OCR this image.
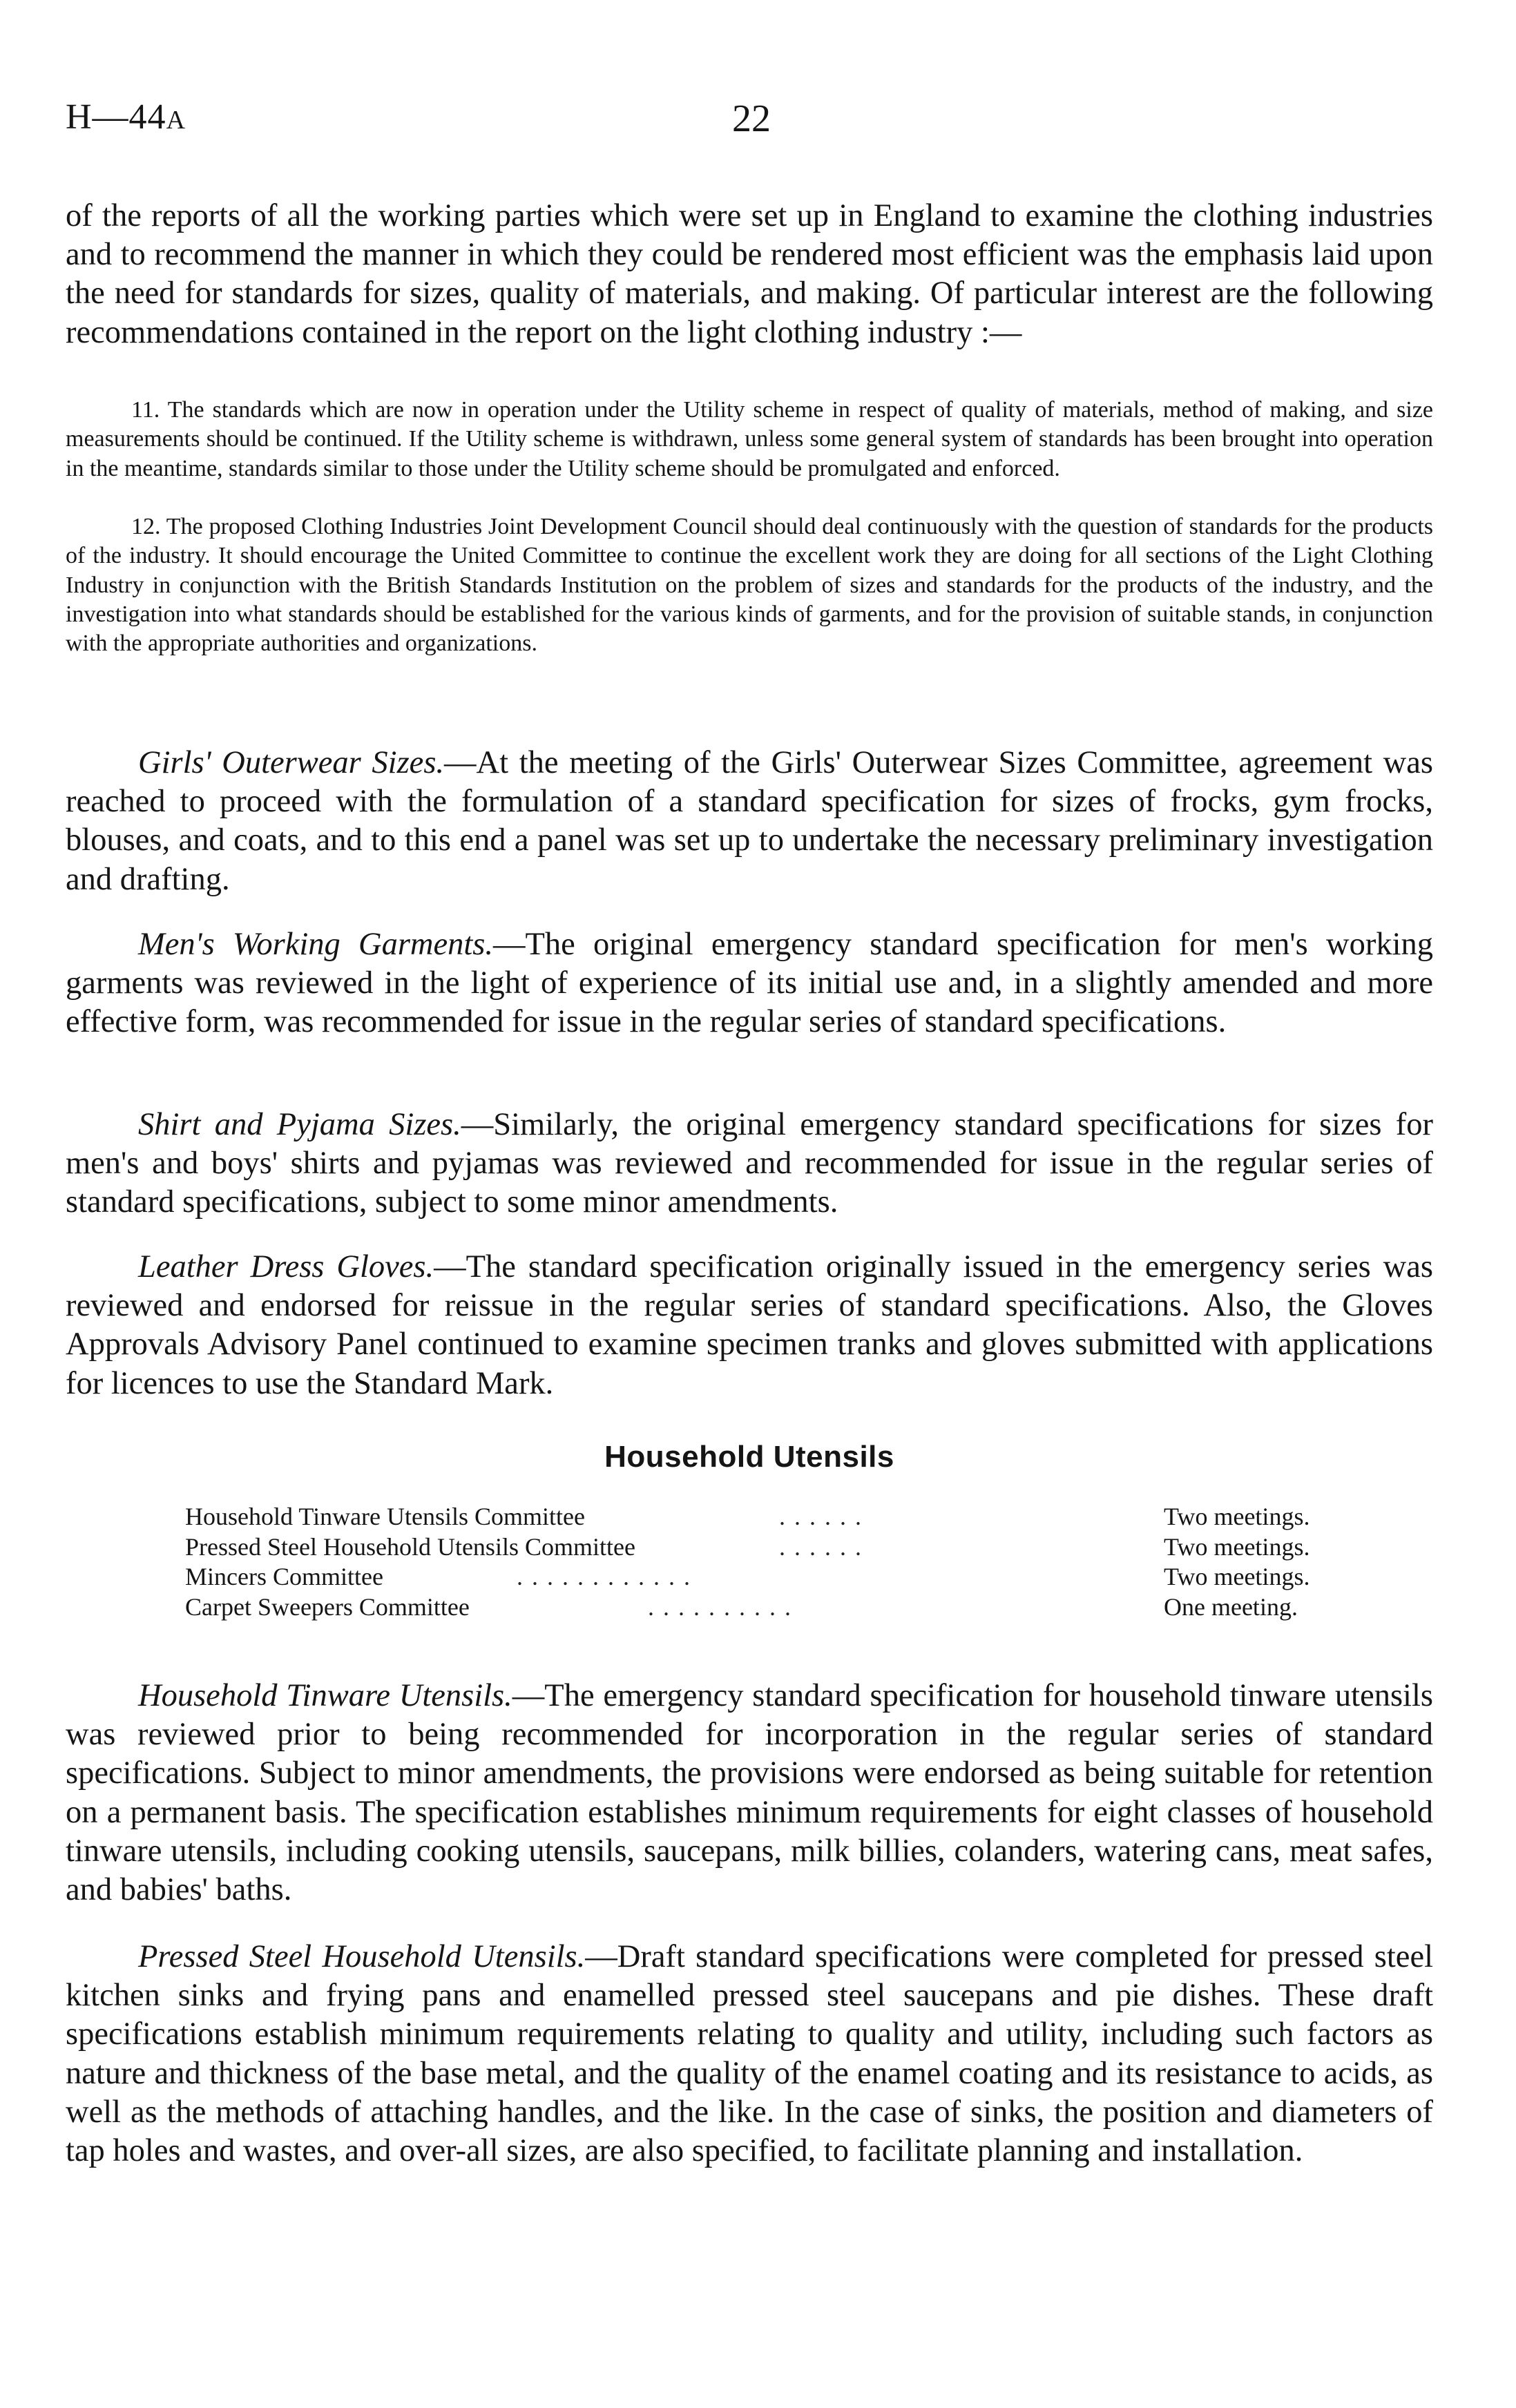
H—44A	22

of the reports of all the working parties which were set up in England to examine the clothing industries and to recommend the manner in which they could be rendered most efficient was the emphasis laid upon the need for standards for sizes, quality of materials, and making. Of particular interest are the following recommendations contained in the report on the light clothing industry :—

11. The standards which are now in operation under the Utility scheme in respect of quality of materials, method of making, and size measurements should be continued. If the Utility scheme is withdrawn, unless some general system of standards has been brought into operation in the meantime, standards similar to those under the Utility scheme should be promulgated and enforced.

12. The proposed Clothing Industries Joint Development Council should deal continuously with the question of standards for the products of the industry. It should encourage the United Committee to continue the excellent work they are doing for all sections of the Light Clothing Industry in conjunction with the British Standards Institution on the problem of sizes and standards for the products of the industry, and the investigation into what standards should be established for the various kinds of garments, and for the provision of suitable stands, in conjunction with the appropriate authorities and organizations.

Girls' Outerwear Sizes.—At the meeting of the Girls' Outerwear Sizes Committee, agreement was reached to proceed with the formulation of a standard specification for sizes of frocks, gym frocks, blouses, and coats, and to this end a panel was set up to undertake the necessary preliminary investigation and drafting.

Men's Working Garments.—The original emergency standard specification for men's working garments was reviewed in the light of experience of its initial use and, in a slightly amended and more effective form, was recommended for issue in the regular series of standard specifications.

Shirt and Pyjama Sizes.—Similarly, the original emergency standard specifications for sizes for men's and boys' shirts and pyjamas was reviewed and recommended for issue in the regular series of standard specifications, subject to some minor amendments.

Leather Dress Gloves.—The standard specification originally issued in the emergency series was reviewed and endorsed for reissue in the regular series of standard specifications. Also, the Gloves Approvals Advisory Panel continued to examine specimen tranks and gloves submitted with applications for licences to use the Standard Mark.

Household Utensils
Household Tinware Utensils Committee	. . . . . .	Two meetings.
Pressed Steel Household Utensils Committee	. . . . . .	Two meetings.
Mincers Committee	. . . . . . . . . . . .	Two meetings.
Carpet Sweepers Committee	. . . . . . . . . .	One meeting.

Household Tinware Utensils.—The emergency standard specification for household tinware utensils was reviewed prior to being recommended for incorporation in the regular series of standard specifications. Subject to minor amendments, the provisions were endorsed as being suitable for retention on a permanent basis. The specification establishes minimum requirements for eight classes of household tinware utensils, including cooking utensils, saucepans, milk billies, colanders, watering cans, meat safes, and babies' baths.

Pressed Steel Household Utensils.—Draft standard specifications were completed for pressed steel kitchen sinks and frying pans and enamelled pressed steel saucepans and pie dishes. These draft specifications establish minimum requirements relating to quality and utility, including such factors as nature and thickness of the base metal, and the quality of the enamel coating and its resistance to acids, as well as the methods of attaching handles, and the like. In the case of sinks, the position and diameters of tap holes and wastes, and over-all sizes, are also specified, to facilitate planning and installation.
